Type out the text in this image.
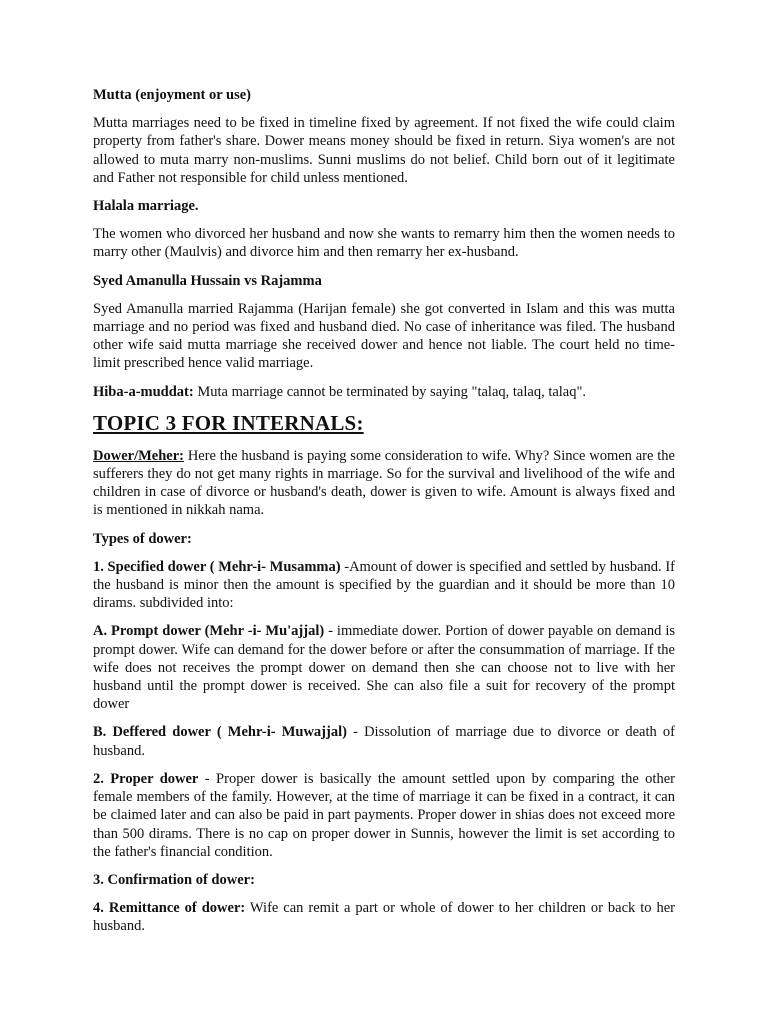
Mutta (enjoyment or use)

Mutta marriages need to be fixed in timeline fixed by agreement. If not fixed the wife could claim property from father's share. Dower means money should be fixed in return. Siya women's are not allowed to muta marry non-muslims. Sunni muslims do not belief. Child born out of it legitimate and Father not responsible for child unless mentioned.

Halala marriage.

The women who divorced her husband and now she wants to remarry him then the women needs to marry other (Maulvis) and divorce him and then remarry her ex-husband.

Syed Amanulla Hussain vs Rajamma

Syed Amanulla married Rajamma (Harijan female) she got converted in Islam and this was mutta marriage and no period was fixed and husband died. No case of inheritance was filed. The husband other wife said mutta marriage she received dower and hence not liable. The court held no time-limit prescribed hence valid marriage.

Hiba-a-muddat: Muta marriage cannot be terminated by saying "talaq, talaq, talaq".

TOPIC 3 FOR INTERNALS:

Dower/Meher: Here the husband is paying some consideration to wife. Why? Since women are the sufferers they do not get many rights in marriage. So for the survival and livelihood of the wife and children in case of divorce or husband's death, dower is given to wife. Amount is always fixed and is mentioned in nikkah nama.

Types of dower:

1. Specified dower ( Mehr-i- Musamma) -Amount of dower is specified and settled by husband. If the husband is minor then the amount is specified by the guardian and it should be more than 10 dirams. subdivided into:

A. Prompt dower (Mehr -i- Mu'ajjal) - immediate dower. Portion of dower payable on demand is prompt dower. Wife can demand for the dower before or after the consummation of marriage. If the wife does not receives the prompt dower on demand then she can choose not to live with her husband until the prompt dower is received. She can also file a suit for recovery of the prompt dower

B. Deffered dower ( Mehr-i- Muwajjal) - Dissolution of marriage due to divorce or death of husband.

2. Proper dower - Proper dower is basically the amount settled upon by comparing the other female members of the family. However, at the time of marriage it can be fixed in a contract, it can be claimed later and can also be paid in part payments. Proper dower in shias does not exceed more than 500 dirams. There is no cap on proper dower in Sunnis, however the limit is set according to the father's financial condition.

3. Confirmation of dower:

4. Remittance of dower: Wife can remit a part or whole of dower to her children or back to her husband.
